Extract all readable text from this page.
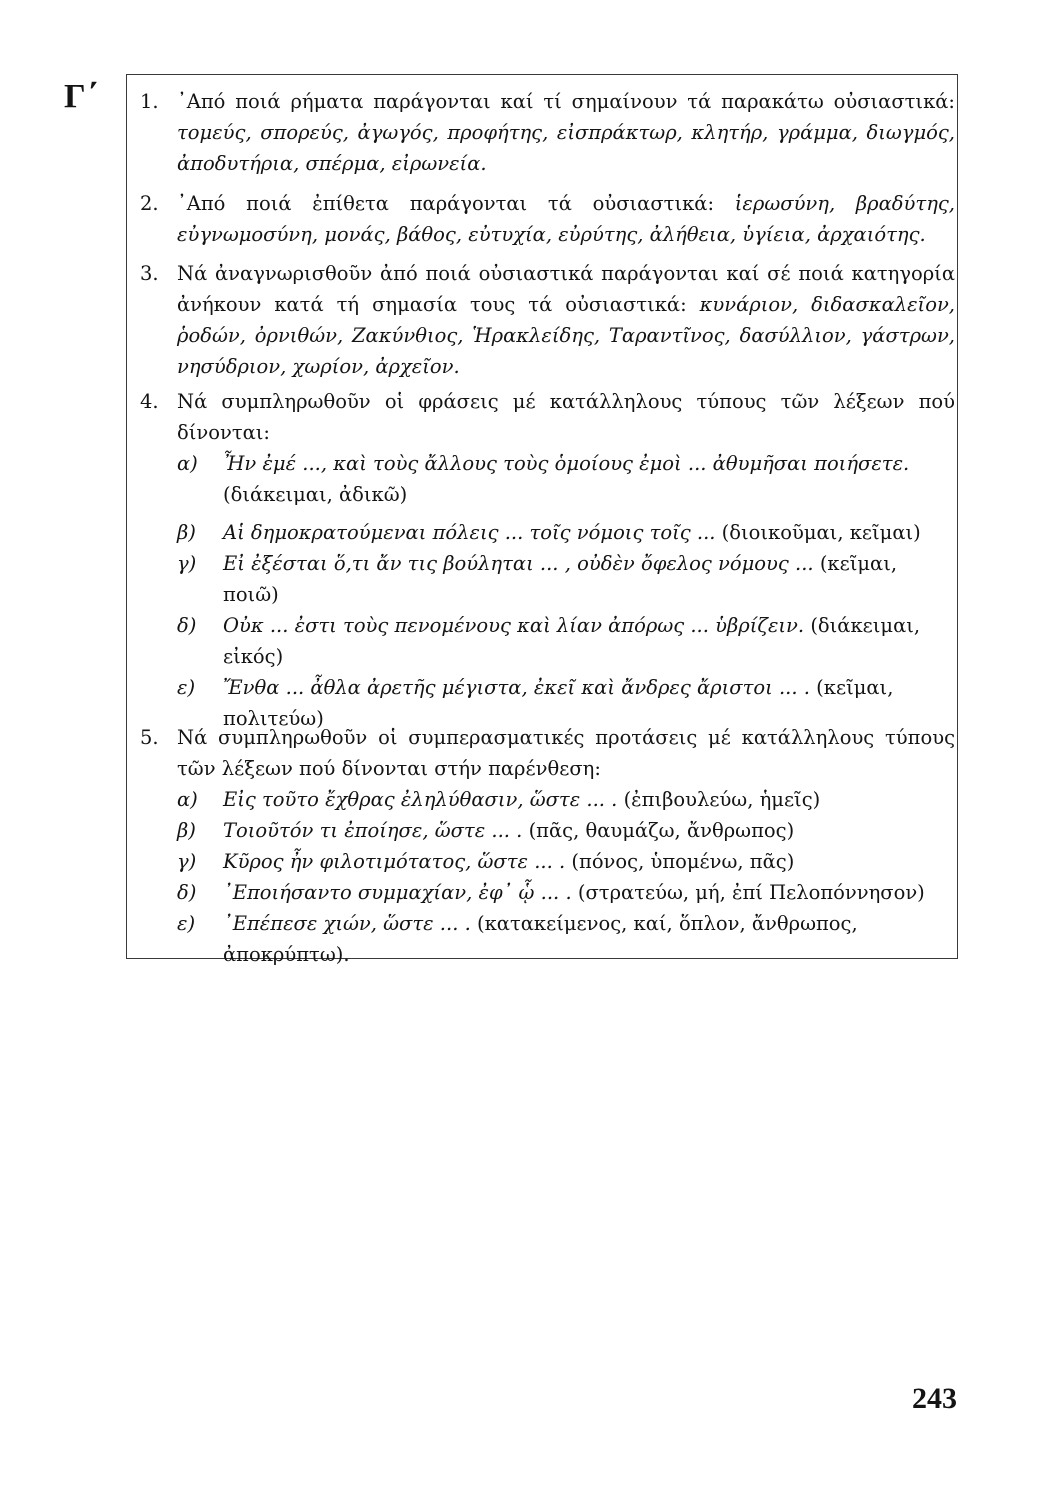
Γ΄ 1. ᾿Από ποιά ρήματα παράγονται καί τί σημαίνουν τά παρακάτω οὐσιαστικά: τομεύς, σπορεύς, ἀγωγός, προφήτης, εἰσπράκτωρ, κλητήρ, γράμμα, διωγμός, ἀποδυτήρια, σπέρμα, εἰρωνεία.
2. ᾿Από ποιά ἐπίθετα παράγονται τά οὐσιαστικά: ἱερωσύνη, βραδύτης, εὐγνωμοσύνη, μονάς, βάθος, εὐτυχία, εὐρύτης, ἀλήθεια, ὑγίεια, ἀρχαιότης.
3. Νά ἀναγνωρισθοῦν ἀπό ποιά οὐσιαστικά παράγονται καί σέ ποιά κατηγορία ἀνήκουν κατά τή σημασία τους τά οὐσιαστικά: κυνάριον, διδασκαλεῖον, ῥοδών, ὀρνιθών, Ζακύνθιος, Ἡρακλείδης, Ταραντῖνος, δασύλλιον, γάστρων, νησύδριον, χωρίον, ἀρχεῖον.
4. Νά συμπληρωθοῦν οἱ φράσεις μέ κατάλληλους τύπους τῶν λέξεων πού δίνονται:
α) Ἦν ἐμέ ..., καὶ τοὺς ἄλλους τοὺς ὁμοίους ἐμοὶ ... ἀθυμῆσαι ποιήσετε. (διάκειμαι, ἀδικῶ)
β) Αἱ δημοκρατούμεναι πόλεις ... τοῖς νόμοις τοῖς ... (διοικοῦμαι, κεῖμαι)
γ) Εἰ ἐξέσται ὅ,τι ἄν τις βούληται ... , οὐδὲν ὄφελος νόμους ... (κεῖμαι, ποιῶ)
δ) Οὐκ ... ἐστι τοὺς πενομένους καὶ λίαν ἀπόρως ... ὑβρίζειν. (διάκειμαι, εἰκός)
ε) Ἔνθα ... ἆθλα ἀρετῆς μέγιστα, ἐκεῖ καὶ ἄνδρες ἄριστοι ... . (κεῖμαι, πολιτεύω)
5. Νά συμπληρωθοῦν οἱ συμπερασματικές προτάσεις μέ κατάλληλους τύπους τῶν λέξεων πού δίνονται στήν παρένθεση:
α) Εἰς τοῦτο ἔχθρας ἐληλύθασιν, ὥστε ... . (ἐπιβουλεύω, ἡμεῖς)
β) Τοιοῦτόν τι ἐποίησε, ὥστε ... . (πᾶς, θαυμάζω, ἄνθρωπος)
γ) Κῦρος ἦν φιλοτιμότατος, ὥστε ... . (πόνος, ὑπομένω, πᾶς)
δ) ᾿Εποιήσαντο συμμαχίαν, ἐφ᾽ ᾧ ... . (στρατεύω, μή, ἐπί Πελοπόννησον)
ε) ᾿Επέπεσε χιών, ὥστε ... . (κατακείμενος, καί, ὅπλον, ἄνθρωπος, ἀποκρύπτω).
243
